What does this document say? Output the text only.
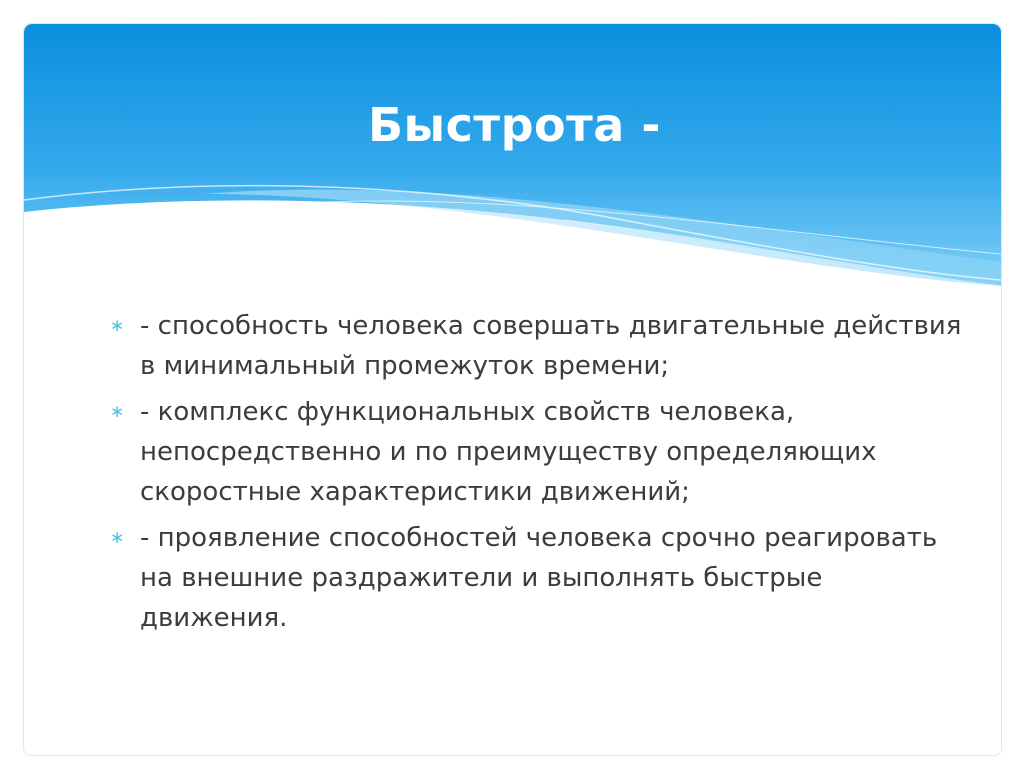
Быстрота -
∗ - способность человека совершать двигательные действия в минимальный промежуток времени;
∗ - комплекс функциональных свойств человека, непосредственно и по преимуществу определяющих скоростные характеристики движений;
∗ - проявление способностей человека срочно реагировать на внешние раздражители и выполнять быстрые движения.
